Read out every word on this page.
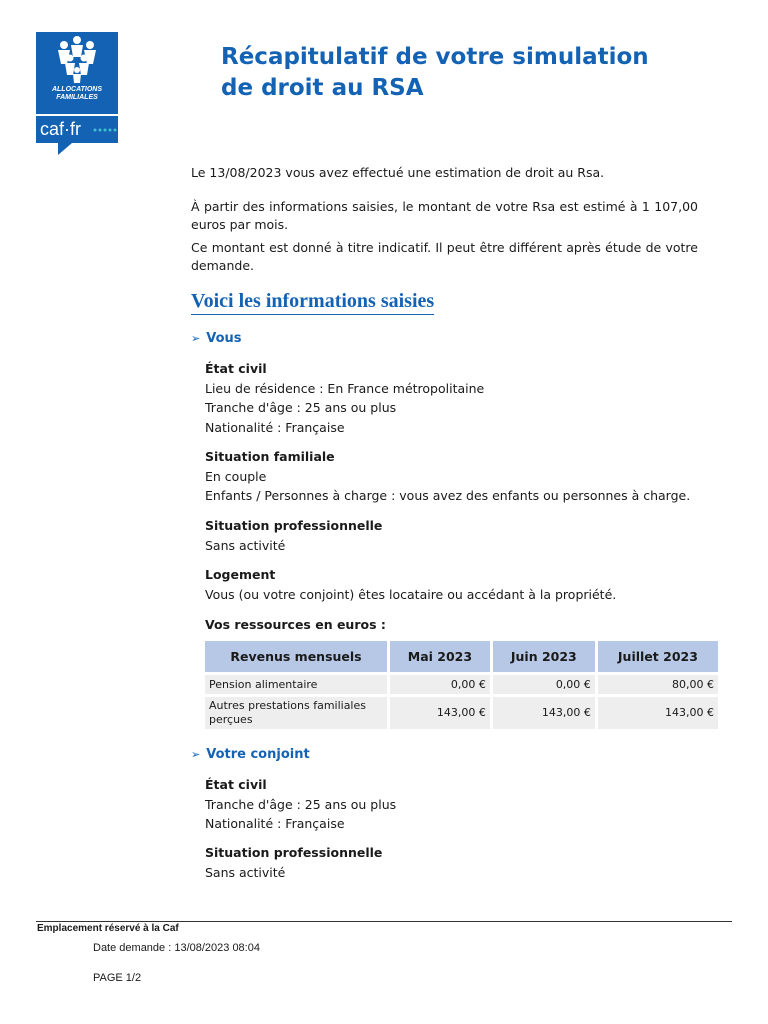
ALLOCATIONS
FAMILIALES
caf·fr
Récapitulatif de votre simulation
de droit au RSA

Le 13/08/2023 vous avez effectué une estimation de droit au Rsa.

À partir des informations saisies, le montant de votre Rsa est estimé à 1 107,00 euros par mois.

Ce montant est donné à titre indicatif. Il peut être différent après étude de votre demande.

Voici les informations saisies
➢ Vous
État civil
Lieu de résidence : En France métropolitaine
Tranche d'âge : 25 ans ou plus
Nationalité : Française
Situation familiale
En couple
Enfants / Personnes à charge : vous avez des enfants ou personnes à charge.
Situation professionnelle
Sans activité
Logement
Vous (ou votre conjoint) êtes locataire ou accédant à la propriété.
Vos ressources en euros :
Revenus mensuels	Mai 2023	Juin 2023	Juillet 2023
Pension alimentaire	0,00 €	0,00 €	80,00 €
Autres prestations familiales perçues	143,00 €	143,00 €	143,00 €
➢ Votre conjoint
État civil
Tranche d'âge : 25 ans ou plus
Nationalité : Française
Situation professionnelle
Sans activité
Emplacement réservé à la Caf
Date demande : 13/08/2023 08:04
PAGE 1/2
